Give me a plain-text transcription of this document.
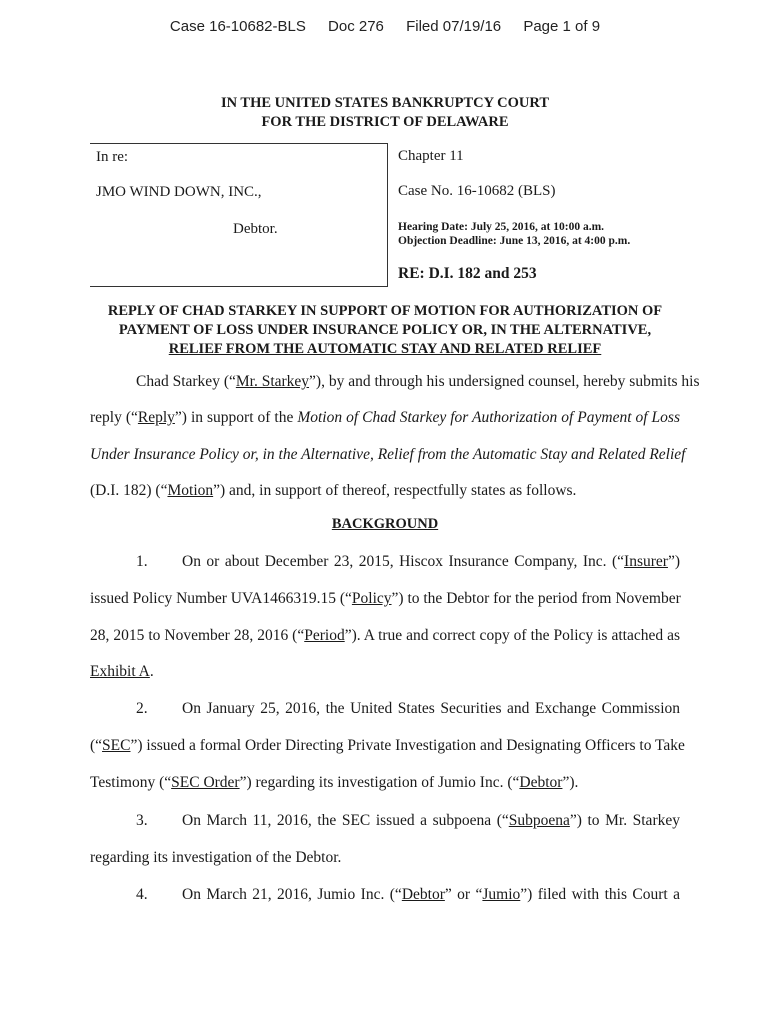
Case 16-10682-BLS Doc 276 Filed 07/19/16 Page 1 of 9
IN THE UNITED STATES BANKRUPTCY COURT
FOR THE DISTRICT OF DELAWARE
In re:
JMO WIND DOWN, INC.,
Debtor.
Chapter 11
Case No. 16-10682 (BLS)
Hearing Date: July 25, 2016, at 10:00 a.m.
Objection Deadline: June 13, 2016, at 4:00 p.m.
RE: D.I. 182 and 253
REPLY OF CHAD STARKEY IN SUPPORT OF MOTION FOR AUTHORIZATION OF
PAYMENT OF LOSS UNDER INSURANCE POLICY OR, IN THE ALTERNATIVE,
RELIEF FROM THE AUTOMATIC STAY AND RELATED RELIEF
Chad Starkey (“Mr. Starkey”), by and through his undersigned counsel, hereby submits his
reply (“Reply”) in support of the Motion of Chad Starkey for Authorization of Payment of Loss
Under Insurance Policy or, in the Alternative, Relief from the Automatic Stay and Related Relief
(D.I. 182) (“Motion”) and, in support of thereof, respectfully states as follows.
BACKGROUND
1. On or about December 23, 2015, Hiscox Insurance Company, Inc. (“Insurer”)
issued Policy Number UVA1466319.15 (“Policy”) to the Debtor for the period from November
28, 2015 to November 28, 2016 (“Period”). A true and correct copy of the Policy is attached as
Exhibit A.
2. On January 25, 2016, the United States Securities and Exchange Commission
(“SEC”) issued a formal Order Directing Private Investigation and Designating Officers to Take
Testimony (“SEC Order”) regarding its investigation of Jumio Inc. (“Debtor”).
3. On March 11, 2016, the SEC issued a subpoena (“Subpoena”) to Mr. Starkey
regarding its investigation of the Debtor.
4. On March 21, 2016, Jumio Inc. (“Debtor” or “Jumio”) filed with this Court a
